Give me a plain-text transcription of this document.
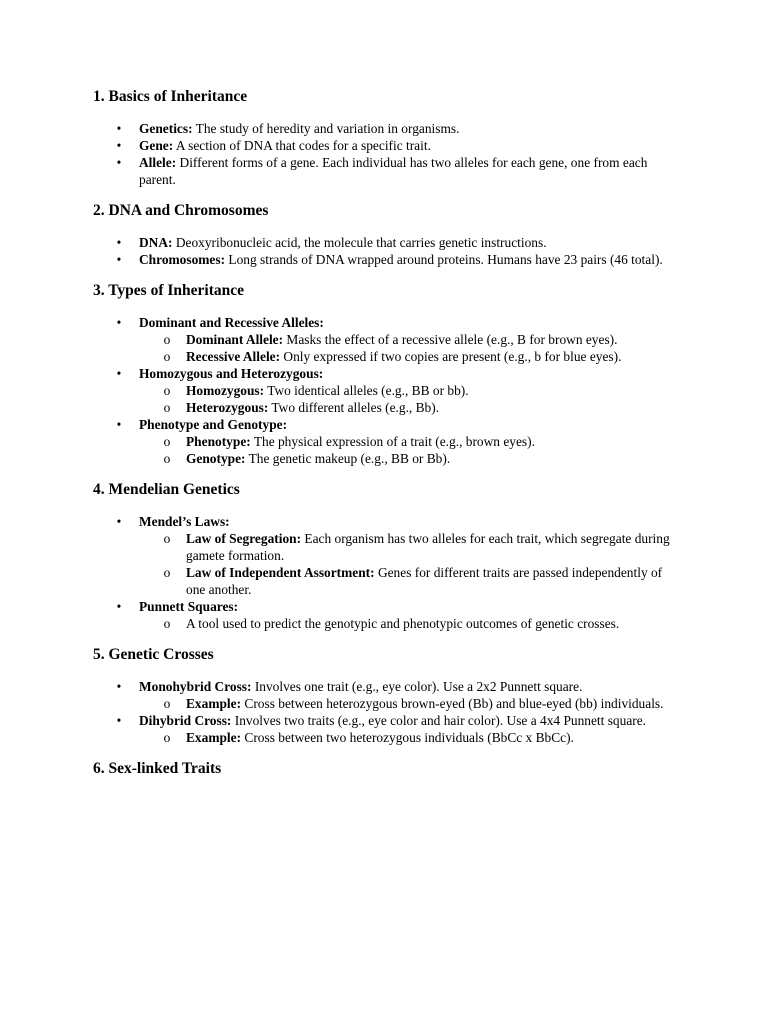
1. Basics of Inheritance
• Genetics: The study of heredity and variation in organisms.
• Gene: A section of DNA that codes for a specific trait.
• Allele: Different forms of a gene. Each individual has two alleles for each gene, one from each parent.
2. DNA and Chromosomes
• DNA: Deoxyribonucleic acid, the molecule that carries genetic instructions.
• Chromosomes: Long strands of DNA wrapped around proteins. Humans have 23 pairs (46 total).
3. Types of Inheritance
• Dominant and Recessive Alleles:
o Dominant Allele: Masks the effect of a recessive allele (e.g., B for brown eyes).
o Recessive Allele: Only expressed if two copies are present (e.g., b for blue eyes).
• Homozygous and Heterozygous:
o Homozygous: Two identical alleles (e.g., BB or bb).
o Heterozygous: Two different alleles (e.g., Bb).
• Phenotype and Genotype:
o Phenotype: The physical expression of a trait (e.g., brown eyes).
o Genotype: The genetic makeup (e.g., BB or Bb).
4. Mendelian Genetics
• Mendel’s Laws:
o Law of Segregation: Each organism has two alleles for each trait, which segregate during gamete formation.
o Law of Independent Assortment: Genes for different traits are passed independently of one another.
• Punnett Squares:
o A tool used to predict the genotypic and phenotypic outcomes of genetic crosses.
5. Genetic Crosses
• Monohybrid Cross: Involves one trait (e.g., eye color). Use a 2x2 Punnett square.
o Example: Cross between heterozygous brown-eyed (Bb) and blue-eyed (bb) individuals.
• Dihybrid Cross: Involves two traits (e.g., eye color and hair color). Use a 4x4 Punnett square.
o Example: Cross between two heterozygous individuals (BbCc x BbCc).
6. Sex-linked Traits
